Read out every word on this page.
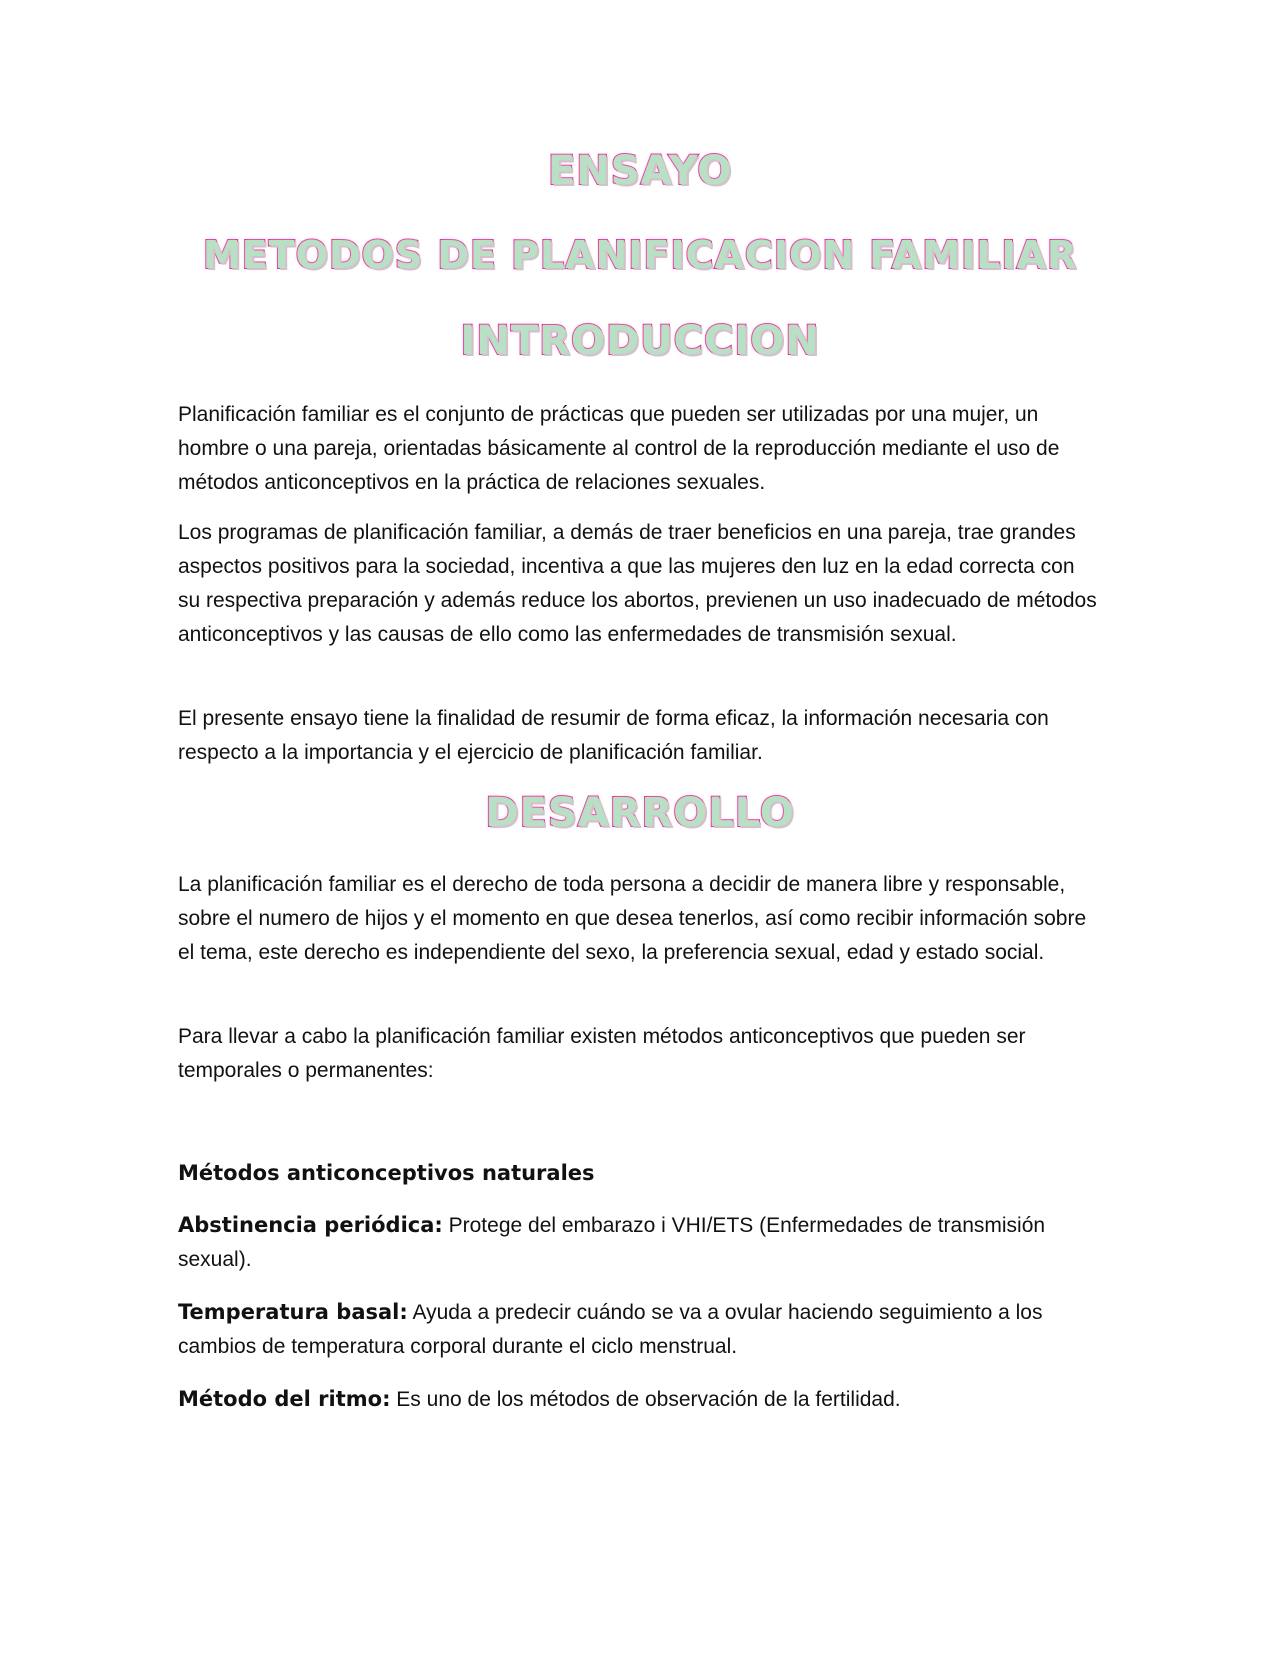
ENSAYO
METODOS DE PLANIFICACION FAMILIAR
INTRODUCCION

Planificación familiar es el conjunto de prácticas que pueden ser utilizadas por una mujer, un hombre o una pareja, orientadas básicamente al control de la reproducción mediante el uso de métodos anticonceptivos en la práctica de relaciones sexuales.

Los programas de planificación familiar, a demás de traer beneficios en una pareja, trae grandes aspectos positivos para la sociedad, incentiva a que las mujeres den luz en la edad correcta con su respectiva preparación y además reduce los abortos, previenen un uso inadecuado de métodos anticonceptivos y las causas de ello como las enfermedades de transmisión sexual.

El presente ensayo tiene la finalidad de resumir de forma eficaz, la información necesaria con respecto a la importancia y el ejercicio de planificación familiar.

DESARROLLO

La planificación familiar es el derecho de toda persona a decidir de manera libre y responsable, sobre el numero de hijos y el momento en que desea tenerlos, así como recibir información sobre el tema, este derecho es independiente del sexo, la preferencia sexual, edad y estado social.

Para llevar a cabo la planificación familiar existen métodos anticonceptivos que pueden ser temporales o permanentes:

Métodos anticonceptivos naturales

Abstinencia periódica: Protege del embarazo i VHI/ETS (Enfermedades de transmisión sexual).

Temperatura basal: Ayuda a predecir cuándo se va a ovular haciendo seguimiento a los cambios de temperatura corporal durante el ciclo menstrual.

Método del ritmo: Es uno de los métodos de observación de la fertilidad.
